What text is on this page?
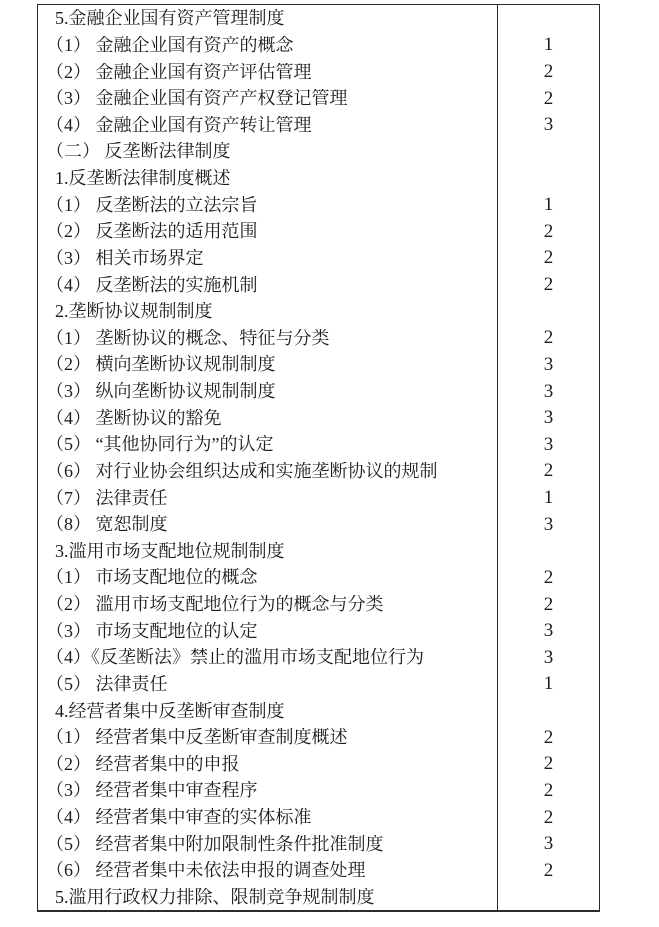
5.金融企业国有资产管理制度
（1） 金融企业国有资产的概念	1
（2） 金融企业国有资产评估管理	2
（3） 金融企业国有资产产权登记管理	2
（4） 金融企业国有资产转让管理	3
（二） 反垄断法律制度
1.反垄断法律制度概述
（1） 反垄断法的立法宗旨	1
（2） 反垄断法的适用范围	2
（3） 相关市场界定	2
（4） 反垄断法的实施机制	2
2.垄断协议规制制度
（1） 垄断协议的概念、特征与分类	2
（2） 横向垄断协议规制制度	3
（3） 纵向垄断协议规制制度	3
（4） 垄断协议的豁免	3
（5） “其他协同行为”的认定	3
（6） 对行业协会组织达成和实施垄断协议的规制	2
（7） 法律责任	1
（8） 宽恕制度	3
3.滥用市场支配地位规制制度
（1） 市场支配地位的概念	2
（2） 滥用市场支配地位行为的概念与分类	2
（3） 市场支配地位的认定	3
（4）《反垄断法》禁止的滥用市场支配地位行为	3
（5） 法律责任	1
4.经营者集中反垄断审查制度
（1） 经营者集中反垄断审查制度概述	2
（2） 经营者集中的申报	2
（3） 经营者集中审查程序	2
（4） 经营者集中审查的实体标准	2
（5） 经营者集中附加限制性条件批准制度	3
（6） 经营者集中未依法申报的调查处理	2
5.滥用行政权力排除、限制竞争规制制度
